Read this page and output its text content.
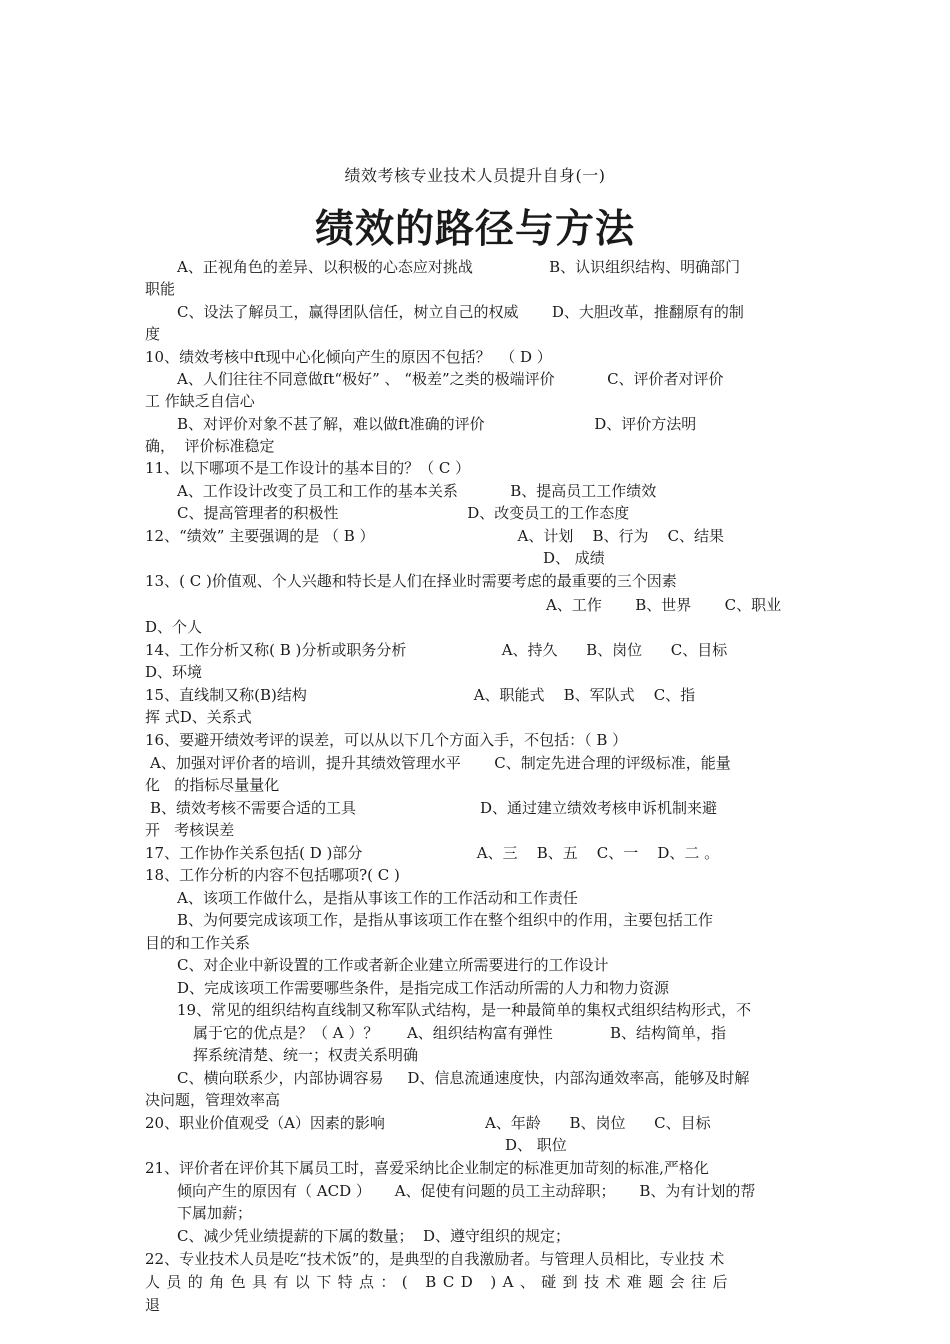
绩效考核专业技术人员提升自身(一)
绩效的路径与方法
A、正视角色的差异、以积极的心态应对挑战                B、认识组织结构、明确部门
职能
C、设法了解员工，赢得团队信任，树立自己的权威       D、大胆改革，推翻原有的制
度
10、绩效考核中ft现中心化倾向产生的原因不包括？  （ D ）
A、人们往往不同意做ft“极好” 、 “极差”之类的极端评价           C、评价者对评价
工 作缺乏自信心
B、对评价对象不甚了解，难以做ft准确的评价                       D、评价方法明
确，  评价标准稳定
11、以下哪项不是工作设计的基本目的？（ C ）
A、工作设计改变了员工和工作的基本关系           B、提高员工工作绩效
C、提高管理者的积极性                           D、改变员工的工作态度
12、“绩效” 主要强调的是 （ B ）                              A、计划    B、行为    C、结果
D、 成绩
13、( C )价值观、个人兴趣和特长是人们在择业时需要考虑的最重要的三个因素
A、工作       B、世界       C、职业
D、个人
14、工作分析又称( B )分析或职务分析                    A、持久      B、岗位      C、目标
D、环境
15、直线制又称(B)结构                                   A、职能式    B、军队式    C、指
挥 式D、关系式
16、要避开绩效考评的误差，可以从以下几个方面入手，不包括：（ B ）
A、加强对评价者的培训，提升其绩效管理水平       C、制定先进合理的评级标准，能量
化   的指标尽量量化
B、绩效考核不需要合适的工具                          D、通过建立绩效考核申诉机制来避
开   考核误差
17、工作协作关系包括( D )部分                        A、三    B、五    C、一    D、二 。
18、工作分析的内容不包括哪项?( C )
A、该项工作做什么，是指从事该工作的工作活动和工作责任
B、为何要完成该项工作，是指从事该项工作在整个组织中的作用，主要包括工作
目的和工作关系
C、对企业中新设置的工作或者新企业建立所需要进行的工作设计
D、完成该项工作需要哪些条件，是指完成工作活动所需的人力和物力资源
19、常见的组织结构直线制又称军队式结构，是一种最简单的集权式组织结构形式，不
属于它的优点是？（ A ）？      A、组织结构富有弹性            B、结构简单，指
挥系统清楚、统一；权责关系明确
C、横向联系少，内部协调容易     D、信息流通速度快，内部沟通效率高，能够及时解
决问题，管理效率高
20、职业价值观受（A）因素的影响                     A、年龄      B、岗位      C、目标
D、 职位
21、评价者在评价其下属员工时，喜爱采纳比企业制定的标准更加苛刻的标准,严格化
倾向产生的原因有（ ACD ）     A、促使有问题的员工主动辞职；     B、为有计划的帮
下属加薪；
C、减少凭业绩提薪的下属的数量；  D、遵守组织的规定；
22、专业技术人员是吃“技术饭”的，是典型的自我激励者。与管理人员相比，专业技 术
人员的角色具有以下特点：( BCD )A、碰到技术难题会往后
退
